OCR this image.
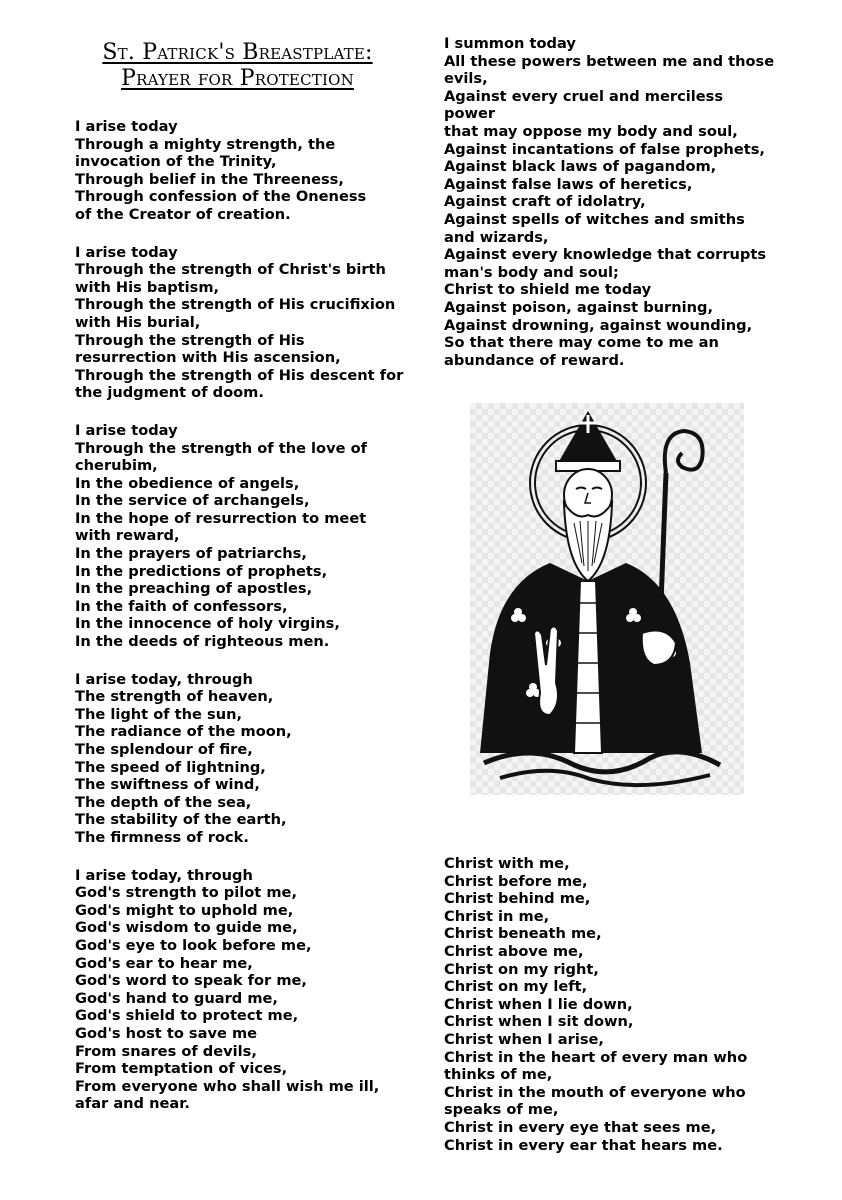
St. Patrick's Breastplate:
Prayer for Protection
I arise today
Through a mighty strength, the
invocation of the Trinity,
Through belief in the Threeness,
Through confession of the Oneness
of the Creator of creation.
I arise today
Through the strength of Christ's birth
with His baptism,
Through the strength of His crucifixion
with His burial,
Through the strength of His
resurrection with His ascension,
Through the strength of His descent for
the judgment of doom.
I arise today
Through the strength of the love of
cherubim,
In the obedience of angels,
In the service of archangels,
In the hope of resurrection to meet
with reward,
In the prayers of patriarchs,
In the predictions of prophets,
In the preaching of apostles,
In the faith of confessors,
In the innocence of holy virgins,
In the deeds of righteous men.
I arise today, through
The strength of heaven,
The light of the sun,
The radiance of the moon,
The splendour of fire,
The speed of lightning,
The swiftness of wind,
The depth of the sea,
The stability of the earth,
The firmness of rock.
I arise today, through
God's strength to pilot me,
God's might to uphold me,
God's wisdom to guide me,
God's eye to look before me,
God's ear to hear me,
God's word to speak for me,
God's hand to guard me,
God's shield to protect me,
God's host to save me
From snares of devils,
From temptation of vices,
From everyone who shall wish me ill,
afar and near.
I summon today
All these powers between me and those
evils,
Against every cruel and merciless
power
that may oppose my body and soul,
Against incantations of false prophets,
Against black laws of pagandom,
Against false laws of heretics,
Against craft of idolatry,
Against spells of witches and smiths
and wizards,
Against every knowledge that corrupts
man's body and soul;
Christ to shield me today
Against poison, against burning,
Against drowning, against wounding,
So that there may come to me an
abundance of reward.
Christ with me,
Christ before me,
Christ behind me,
Christ in me,
Christ beneath me,
Christ above me,
Christ on my right,
Christ on my left,
Christ when I lie down,
Christ when I sit down,
Christ when I arise,
Christ in the heart of every man who
thinks of me,
Christ in the mouth of everyone who
speaks of me,
Christ in every eye that sees me,
Christ in every ear that hears me.
